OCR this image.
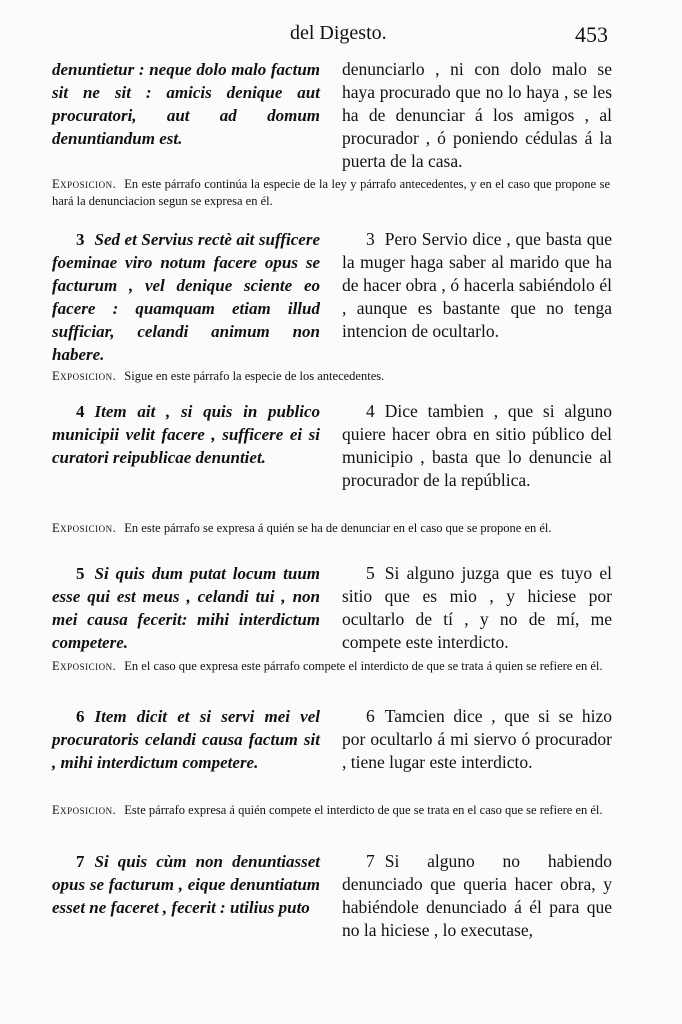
del Digesto.	453

denuntietur : neque dolo malo factum sit ne sit : amicis denique aut procuratori, aut ad domum denuntiandum est.

denunciarlo , ni con dolo malo se haya procurado que no lo haya , se les ha de denunciar á los amigos , al procurador , ó poniendo cédulas á la puerta de la casa.

Exposicion. En este párrafo continúa la especie de la ley y párrafo antecedentes, y en el caso que propone se hará la denunciacion segun se expresa en él.

3 Sed et Servius rectè ait sufficere foeminae viro notum facere opus se facturum , vel denique sciente eo facere : quamquam etiam illud sufficiar, celandi animum non habere.

3 Pero Servio dice , que basta que la muger haga saber al marido que ha de hacer obra , ó hacerla sabiéndolo él , aunque es bastante que no tenga intencion de ocultarlo.

Exposicion. Sigue en este párrafo la especie de los antecedentes.

4 Item ait , si quis in publico municipii velit facere , sufficere ei si curatori reipublicae denuntiet.

4 Dice tambien , que si alguno quiere hacer obra en sitio público del municipio , basta que lo denuncie al procurador de la república.

Exposicion. En este párrafo se expresa á quién se ha de denunciar en el caso que se propone en él.

5 Si quis dum putat locum tuum esse qui est meus , celandi tui , non mei causa fecerit: mihi interdictum competere.

5 Si alguno juzga que es tuyo el sitio que es mio , y hiciese por ocultarlo de tí , y no de mí, me compete este interdicto.

Exposicion. En el caso que expresa este párrafo compete el interdicto de que se trata á quien se refiere en él.

6 Item dicit et si servi mei vel procuratoris celandi causa factum sit , mihi interdictum competere.

6 Tamcien dice , que si se hizo por ocultarlo á mi siervo ó procurador , tiene lugar este interdicto.

Exposicion. Este párrafo expresa á quién compete el interdicto de que se trata en el caso que se refiere en él.

7 Si quis cùm non denuntiasset opus se facturum , eique denuntiatum esset ne faceret , fecerit : utilius puto

7 Si alguno no habiendo denunciado que queria hacer obra, y habiéndole denunciado á él para que no la hiciese , lo executase,
